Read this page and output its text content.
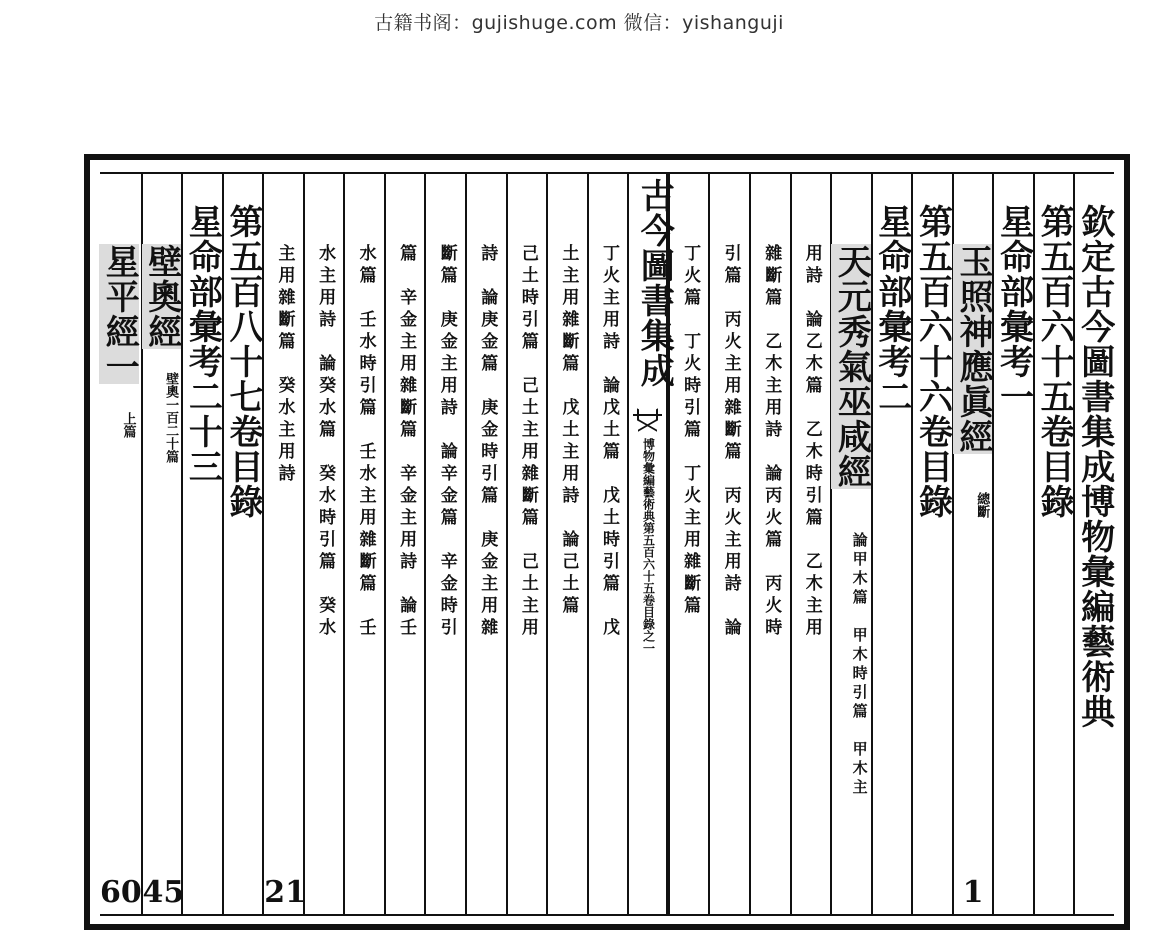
古籍书阁：gujishuge.com 微信：yishanguji
星平經一
上篇
60
壁奧經
壁奧一百二十篇
45
星命部彙考二十三 第五百八十七卷目錄 主用雜斷篇　癸水主用詩
21
水主用詩　論癸水篇　癸水時引篇　癸水 水篇　壬水時引篇　壬水主用雜斷篇　壬 篇　辛金主用雜斷篇　辛金主用詩　論壬 斷篇　庚金主用詩　論辛金篇　辛金時引 詩　論庚金篇　庚金時引篇　庚金主用雜 己土時引篇　己土主用雜斷篇　己土主用 土主用雜斷篇　戊土主用詩　論己土篇 丁火主用詩　論戊土篇　戊土時引篇　戊 古今圖書集成
博物彙編藝術典第五百六十五卷目錄之一 丁火篇　丁火時引篇　丁火主用雜斷篇 引篇　丙火主用雜斷篇　丙火主用詩　論 雜斷篇　乙木主用詩　論丙火篇　丙火時 用詩　論乙木篇　乙木時引篇　乙木主用 天元秀氣巫咸經
論甲木篇　甲木時引篇　甲木主
星命部彙考二 第五百六十六卷目錄 玉照神應眞經
總斷
1
星命部彙考一 第五百六十五卷目錄 欽定古今圖書集成博物彙編藝術典
